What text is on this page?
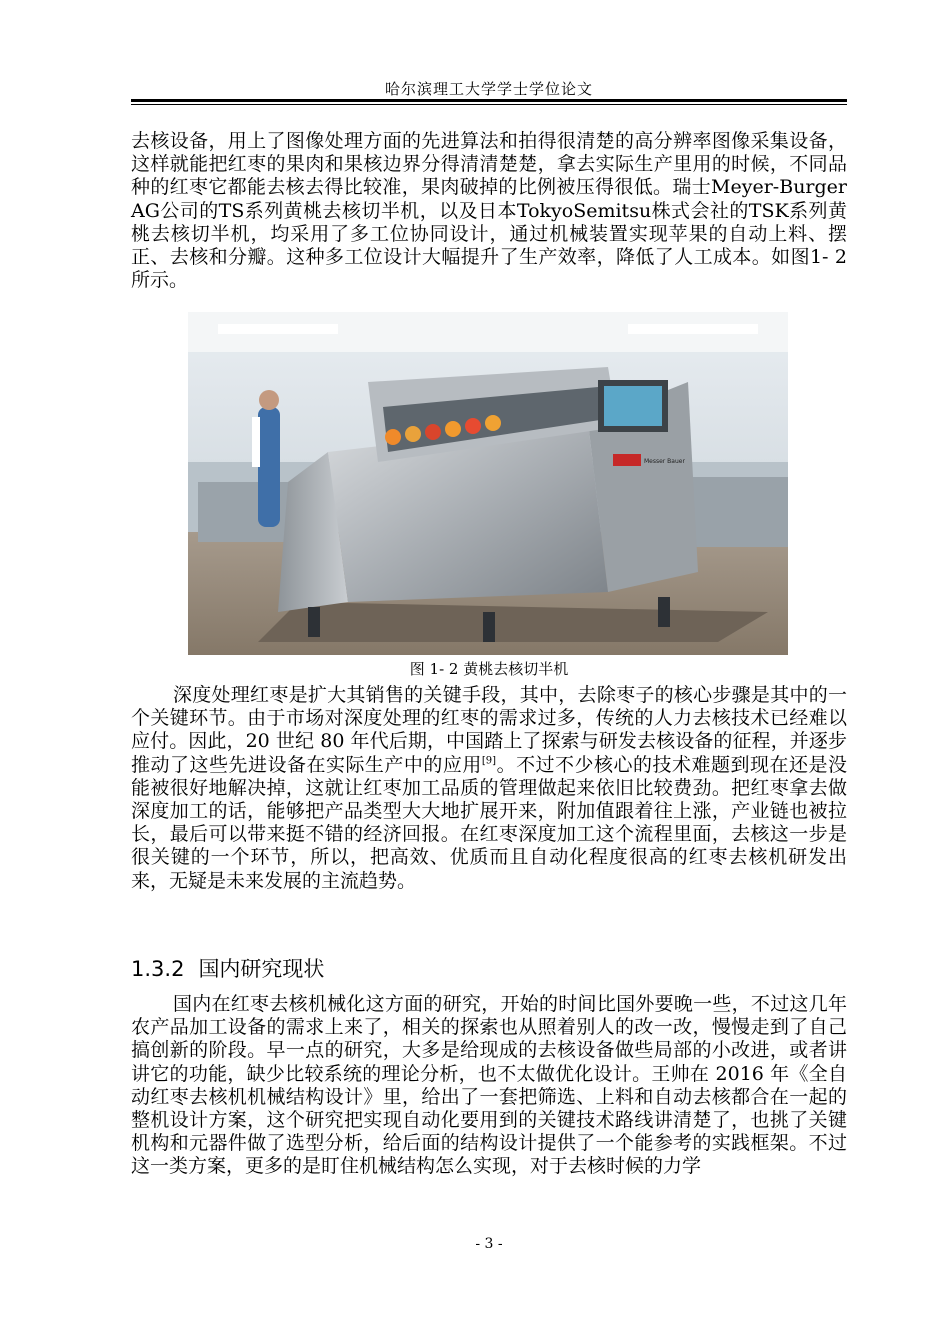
哈尔滨理工大学学士学位论文

去核设备，用上了图像处理方面的先进算法和拍得很清楚的高分辨率图像采集设备，这样就能把红枣的果肉和果核边界分得清清楚楚，拿去实际生产里用的时候，不同品种的红枣它都能去核去得比较准，果肉破掉的比例被压得很低。瑞士Meyer-Burger AG公司的TS系列黄桃去核切半机，以及日本TokyoSemitsu株式会社的TSK系列黄桃去核切半机，均采用了多工位协同设计，通过机械装置实现苹果的自动上料、摆正、去核和分瓣。这种多工位设计大幅提升了生产效率，降低了人工成本。如图1- 2所示。

Messer Bauer
图 1- 2 黄桃去核切半机

深度处理红枣是扩大其销售的关键手段，其中，去除枣子的核心步骤是其中的一个关键环节。由于市场对深度处理的红枣的需求过多，传统的人力去核技术已经难以应付。因此，20 世纪 80 年代后期，中国踏上了探索与研发去核设备的征程，并逐步推动了这些先进设备在实际生产中的应用[9]。不过不少核心的技术难题到现在还是没能被很好地解决掉，这就让红枣加工品质的管理做起来依旧比较费劲。把红枣拿去做深度加工的话，能够把产品类型大大地扩展开来，附加值跟着往上涨，产业链也被拉长，最后可以带来挺不错的经济回报。在红枣深度加工这个流程里面，去核这一步是很关键的一个环节，所以，把高效、优质而且自动化程度很高的红枣去核机研发出来，无疑是未来发展的主流趋势。

1.3.2 国内研究现状

国内在红枣去核机械化这方面的研究，开始的时间比国外要晚一些，不过这几年农产品加工设备的需求上来了，相关的探索也从照着别人的改一改，慢慢走到了自己搞创新的阶段。早一点的研究，大多是给现成的去核设备做些局部的小改进，或者讲讲它的功能，缺少比较系统的理论分析，也不太做优化设计。王帅在 2016 年《全自动红枣去核机机械结构设计》里，给出了一套把筛选、上料和自动去核都合在一起的整机设计方案，这个研究把实现自动化要用到的关键技术路线讲清楚了，也挑了关键机构和元器件做了选型分析，给后面的结构设计提供了一个能参考的实践框架。不过这一类方案，更多的是盯住机械结构怎么实现，对于去核时候的力学

- 3 -
